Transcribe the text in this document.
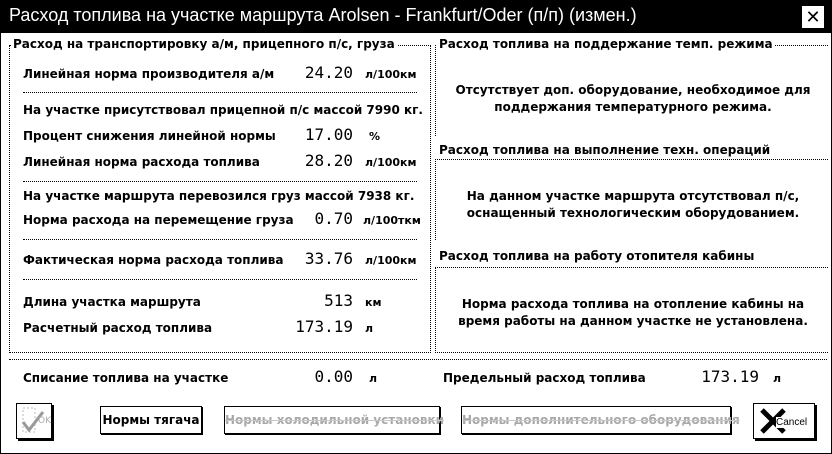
Расход топлива на участке маршрута Arolsen - Frankfurt/Oder (п/п) (измен.)	✕
Расход на транспортировку а/м, прицепного п/с, груза
Линейная норма производителя а/м	24.20 л/100км
На участке присутствовал прицепной п/с массой 7990 кг.
Процент снижения линейной нормы	17.00 %
Линейная норма расхода топлива	28.20 л/100км
На участке маршрута перевозился груз массой 7938 кг.
Норма расхода на перемещение груза	0.70 л/100ткм
Фактическая норма расхода топлива	33.76 л/100км
Длина участка маршрута	513 км
Расчетный расход топлива	173.19 л
Расход топлива на поддержание темп. режима
Отсутствует доп. оборудование, необходимое для
поддержания температурного режима.
Расход топлива на выполнение техн. операций
На данном участке маршрута отсутствовал п/с,
оснащенный технологическим оборудованием.
Расход топлива на работу отопителя кабины
Норма расхода топлива на отопление кабины на
время работы на данном участке не установлена.
Списание топлива на участке	0.00 л	Предельный расход топлива	173.19 л
OK	Нормы тягача Нормы холодильной установки Нормы дополнительного оборудования	Cancel
